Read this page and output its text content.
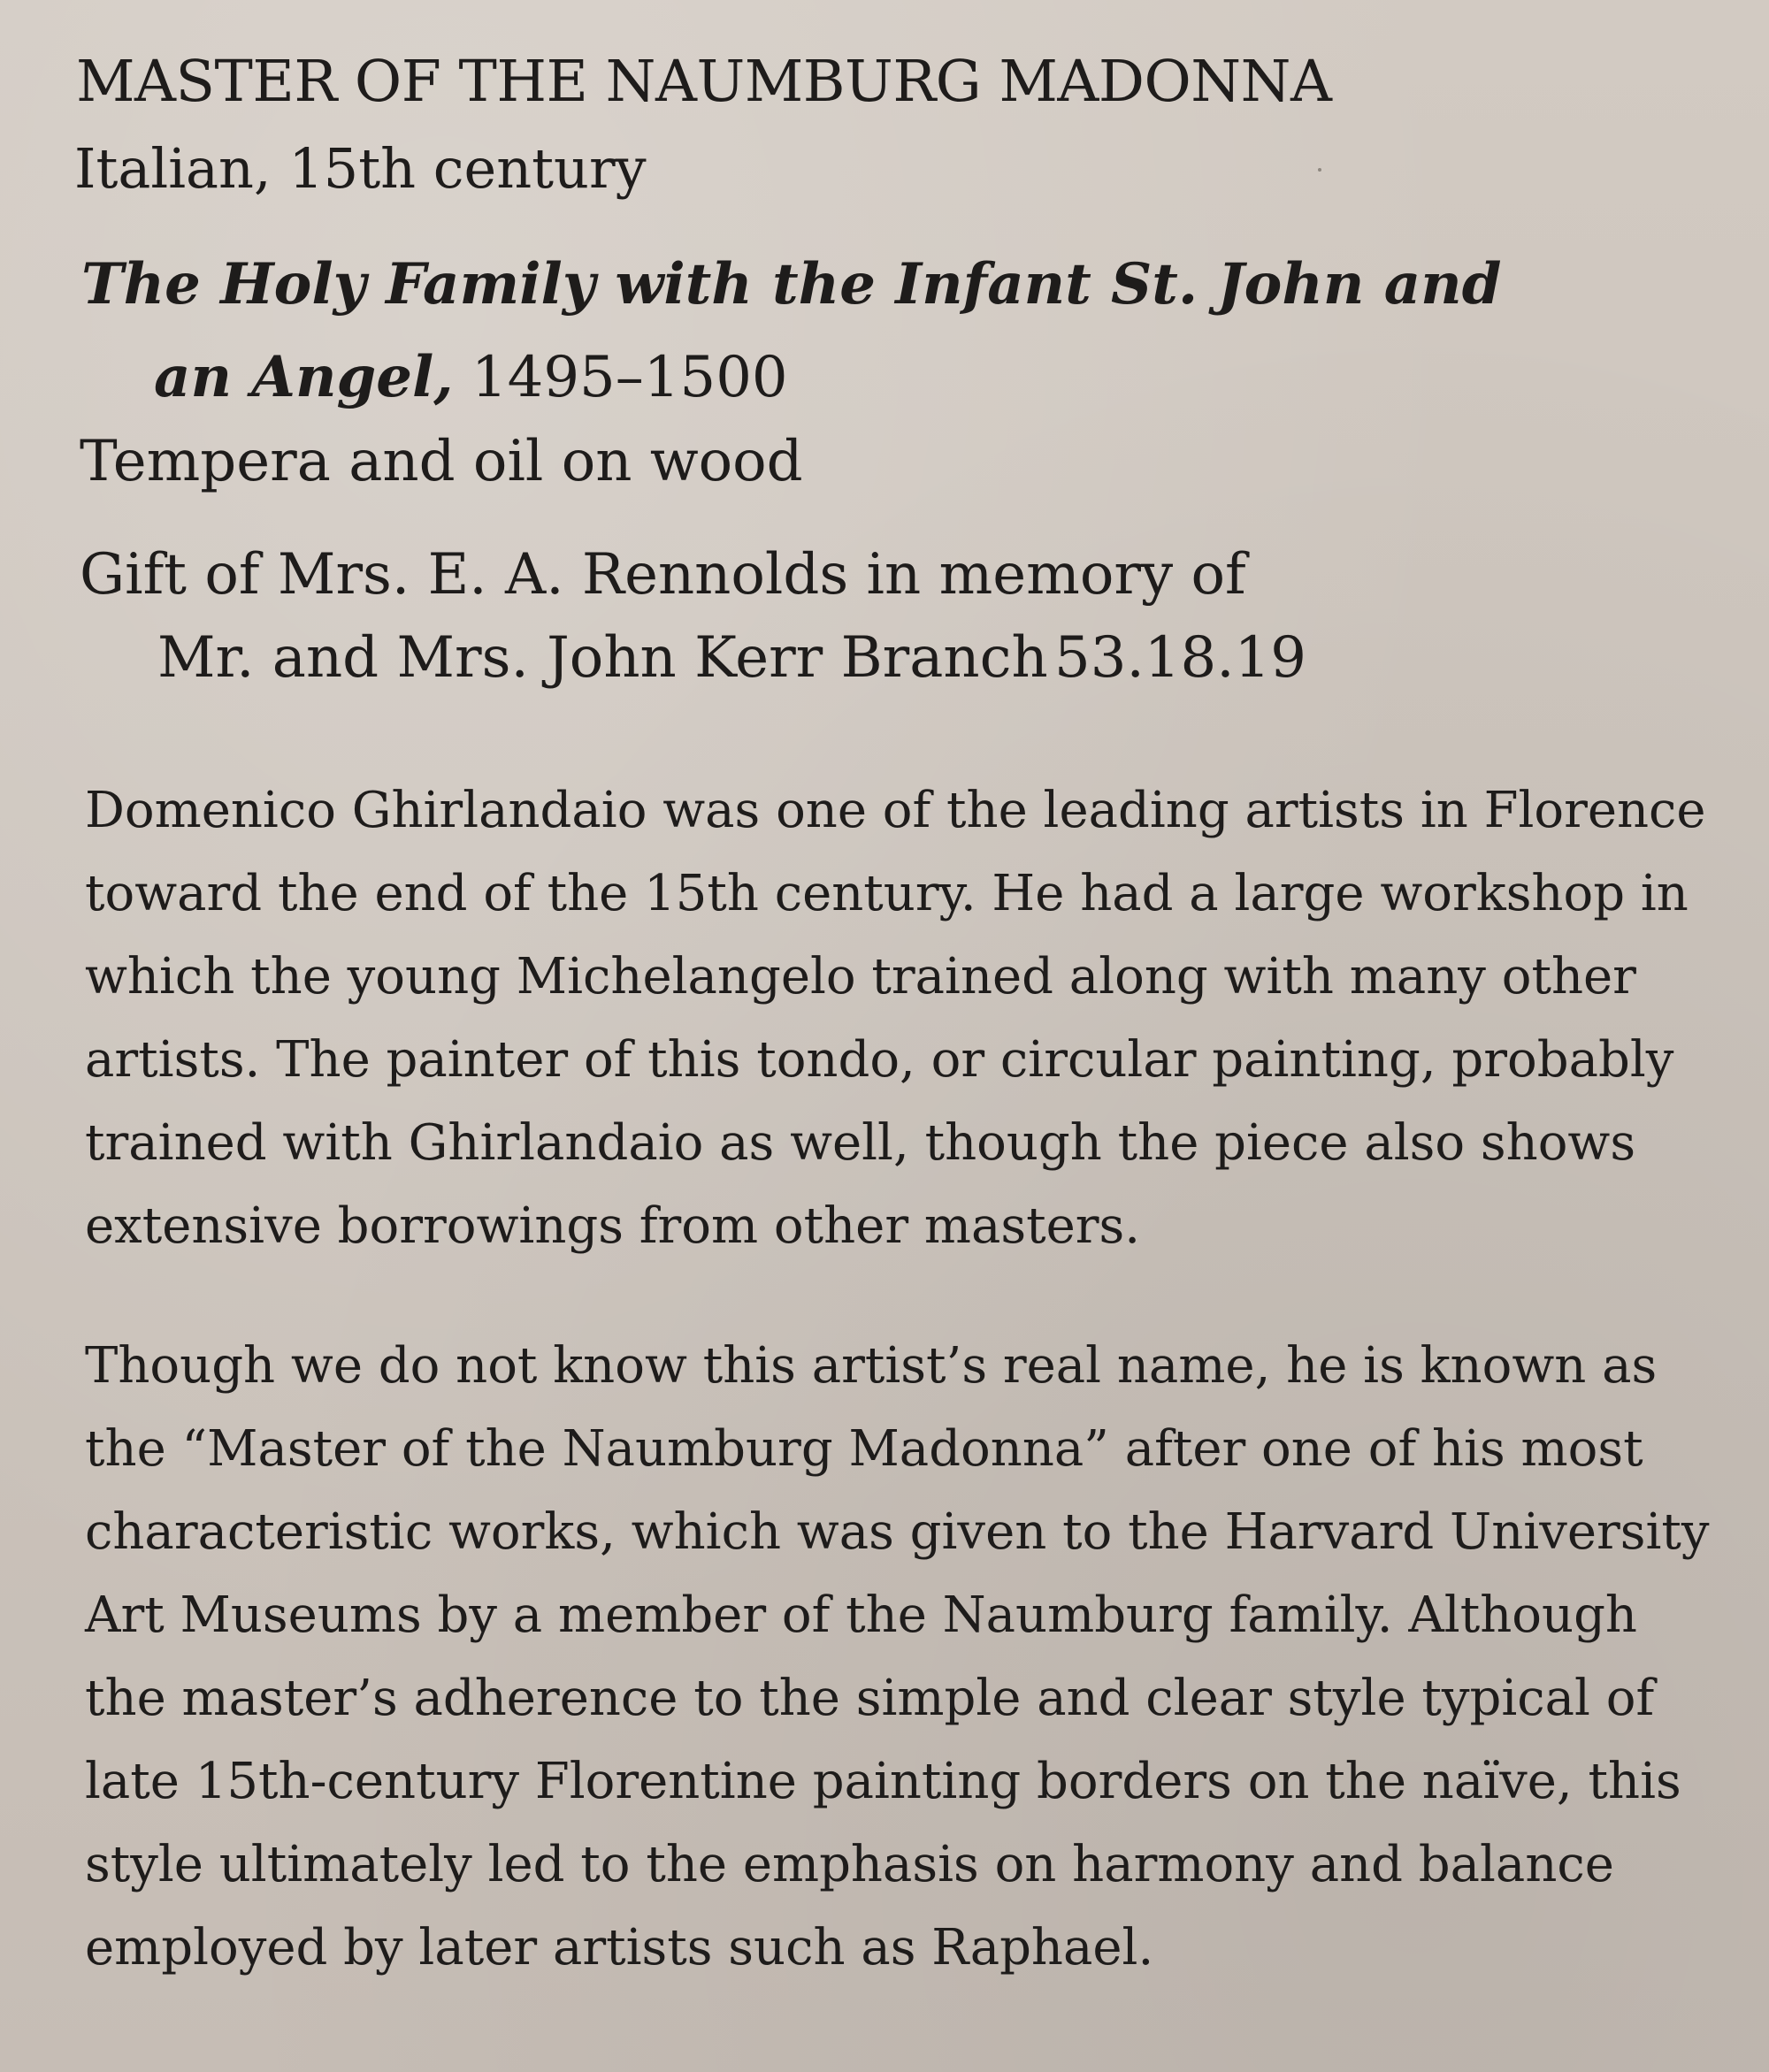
MASTER OF THE NAUMBURG MADONNA
Italian, 15th century
The Holy Family with the Infant St. John and
an Angel, 1495–1500
Tempera and oil on wood
Gift of Mrs. E. A. Rennolds in memory of
Mr. and Mrs. John Kerr Branch 53.18.19

Domenico Ghirlandaio was one of the leading artists in Florence
toward the end of the 15th century. He had a large workshop in
which the young Michelangelo trained along with many other
artists. The painter of this tondo, or circular painting, probably
trained with Ghirlandaio as well, though the piece also shows
extensive borrowings from other masters.

Though we do not know this artist’s real name, he is known as
the “Master of the Naumburg Madonna” after one of his most
characteristic works, which was given to the Harvard University
Art Museums by a member of the Naumburg family. Although
the master’s adherence to the simple and clear style typical of
late 15th-century Florentine painting borders on the naïve, this
style ultimately led to the emphasis on harmony and balance
employed by later artists such as Raphael.
